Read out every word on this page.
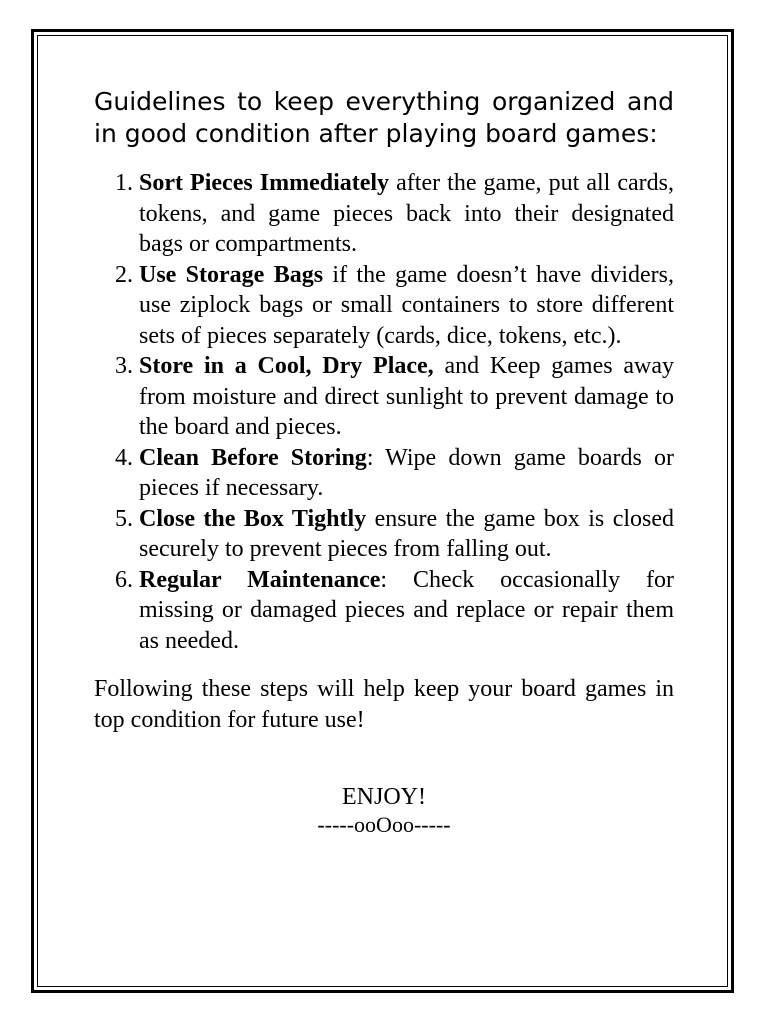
Guidelines to keep everything organized and in good condition after playing board games:

1. Sort Pieces Immediately after the game, put all cards, tokens, and game pieces back into their designated bags or compartments.
2. Use Storage Bags if the game doesn’t have dividers, use ziplock bags or small containers to store different sets of pieces separately (cards, dice, tokens, etc.).
3. Store in a Cool, Dry Place, and Keep games away from moisture and direct sunlight to prevent damage to the board and pieces.
4. Clean Before Storing: Wipe down game boards or pieces if necessary.
5. Close the Box Tightly ensure the game box is closed securely to prevent pieces from falling out.
6. Regular Maintenance: Check occasionally for missing or damaged pieces and replace or repair them as needed.

Following these steps will help keep your board games in top condition for future use!

ENJOY!

-----ooOoo-----
